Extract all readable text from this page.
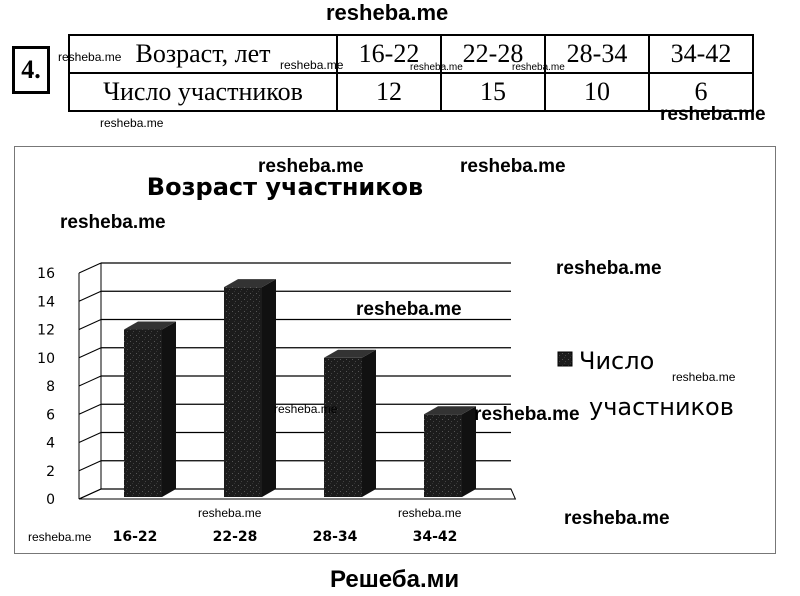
resheba.me
4.
Возраст, лет	16-22	22-28	28-34	34-42
Число участников	12	15	10	6
resheba.me
resheba.me	resheba.me	resheba.me
resheba.me	resheba.me
Возраст участников
0
2
4
6
8
10
12
14
16
16-22	22-28	28-34	34-42
Число
участников
resheba.me	resheba.me
resheba.me
resheba.me
resheba.me
resheba.me
resheba.me	resheba.me
resheba.me	resheba.me	resheba.me
resheba.me
Решеба.ми
